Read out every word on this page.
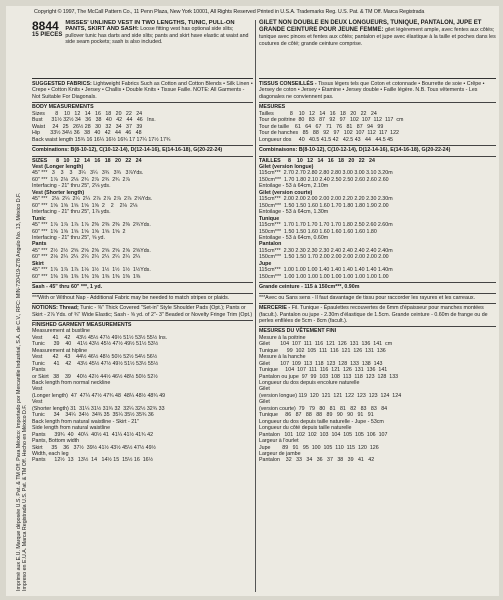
Copyright © 1997, The McCall Pattern Co., 11 Penn Plaza, New York 10001, All Rights Reserved Printed in U.S.A. Trademarks Reg. U.S. Pat. & TM Off. Marca Registrada
Imprimé aux E.U. Marque déposée U.S. Pat. & TM Off. Para México: Importado por Mercantile Industrial, S.A. de C.V., RFC: MIN-720419-Z78 Angulo No. 13, México D.F. Impreso en E.U.A. Marca Registrada U.S. Pat. & TM Off. Hecho en México D.F.
8844
15 PIECES
MISSES' UNLINED VEST IN TWO LENGTHS, TUNIC, PULL-ON PANTS, SKIRT AND SASH: Loose fitting vest has optional side slits; pullover tunic has darts and side slits; pants and skirt have elastic at waist and side seam pockets; sash is also included.

SUGGESTED FABRICS: Lightweight Fabrics Such as Cotton and Cotton Blends • Silk Linen • Crepe • Cotton Knits • Jersey • Challis • Double Knits • Tissue Faille. NOTE: All Garments - Not Suitable For Diagonals.

BODY MEASUREMENTS
Sizes       8    10   12   14   16   18   20   22   24
Bust      31½ 32½ 34   36   38   40   42   44   46   Ins.
Waist     24   25   26½ 28   30   32   34   37   39
Hip       33½ 34½ 36   38   40   42   44   46   48
Back waist length 15¾ 16 16¼ 16½ 16¾ 17 17¼ 17½ 17¾

Combinations: B(8-10-12), C(10-12-14), D(12-14-16), E(14-16-18), G(20-22-24)

SIZES      8   10   12   14   16   18   20   22   24
Vest (Longer length)
45" ***   3    3    3    3¼   3¼   3¾   3¾   3⅞Yds.
60" ***  1⅞  2⅛  2⅛  2¾  2⅞  2¾  2¾  2⅞
Interfacing - 21" thru 25", 2⅛ yds.
Vest (Shorter length)
45" ***   2⅛  2¼  2¼  2¼  2⅞  2⅞  2⅞  2⅞  2⅝Yds.
60" ***  1⅝  1⅝  1⅝  1⅝  1⅝  2    2    2⅛  2⅛
Interfacing - 21" thru 25", 1⅞ yds.
Tunic
45" ***  1⅞  1⅞  1⅞  1⅞  2⅜  2⅜  2⅜  2⅜  2¾Yds.
60" ***  1⅝  1⅝  1⅝  1⅝  1⅝  1⅝  1⅝  2
Interfacing - 21" thru 25", ⅝ yd.
Pants
45" ***  2½  2½  2⅝  2⅝  2⅝  2⅝  2⅝  2⅝  2⅝Yds.
60" ***  2⅛  2¼  2¼  2¼  2¼  2¼  2¼  2¼  2¼
Skirt
45" ***  1⅞  1⅞  1⅞  1⅛  1½  1½  1½  1½  1½Yds.
60" ***  1⅜  1⅜  1⅜  1⅜  1⅜  1⅜  1⅜  1⅜  1⅜

Sash - 45" thru 60" ***, 1 yd.

***With or Without Nap - Additional Fabric may be needed to match stripes or plaids.

NOTIONS: Thread; Tunic - ⅜" Thick Covered "Set-in" Style Shoulder Pads (Opt.); Pants or Skirt - 2⅞ Yds. of ¾" Wide Elastic; Sash - ⅝ yd. of 2"- 3" Beaded or Novelty Fringe Trim (Opt.)

FINISHED GARMENT MEASUREMENTS
Measurement at bustline
Vest       41    42    43½ 45½ 47½ 49½ 51½ 53½ 55½ Ins.
Tunic      39    40    41½ 43½ 45½ 47½ 49½ 51½ 53½
Measurement at hipline
Vest       42    43    44½ 46½ 48½ 50½ 52½ 54½ 56½
Tunic      41    42    43½ 45½ 47½ 49½ 51½ 53½ 55½
Pants
or Skirt   38    39    40½ 42½ 44½ 46½ 48½ 50½ 52½
Back length from normal neckline
Vest
(Longer length)  47  47¼ 47½ 47¾ 48  48¼ 48½ 48¾ 49
Vest
(Shorter length) 31  31¼ 31½ 31¾ 32  32¼ 32½ 32¾ 33
Tunic      34    34¼  34½  34¾ 35  35¼ 35½ 35¾ 36
Back length from natural waistline - Skirt - 21"
Side length from natural waistline
Pants      39¾  40   40¼  40½ 41  41¼ 41½ 41¾ 42
Pants, Bottom width
Skirt      35    36   37½  39½ 41½ 43½ 45½ 47½ 49½
Width, each leg
Pants      12½  13   13½  14   14½ 15  15½ 16  16½
GILET NON DOUBLE EN DEUX LONGUEURS, TUNIQUE, PANTALON, JUPE ET GRANDE CEINTURE POUR JEUNE FEMME: gilet légèrement ample, avec fentes aux côtés; tunique avec pinces et fentes aux côtés; pantalon et jupe avec élastique à la taille et poches dans les coutures de côté; grande ceinture comprise.

TISSUS CONSEILLÉS - Tissus légers tels que Coton et cotonnade • Bourrette de soie • Crêpe • Jersey de coton • Jersey • Étamine • Jersey double • Faille légère. N.B. Tous vêtements - Les diagonales ne conviennent pas.

MESURES
Tailles           8    10   12   14   16   18   20   22   24
Tour de poitrine  80   83   87   92   97   102  107  112  117  cm
Tour de taille    61   64   67   71   76   81   87   94   99
Tour de hanches   85   88   92   97   102  107  112  117  122
Longueur dos     40   40.5 41.5 42   42.5 43   44   44.5 45

Combinaisons: B(8-10-12), C(10-12-14), D(12-14-16), E(14-16-18), G(20-22-24)

TAILLES     8    10   12   14   16   18   20   22   24
Gilet (version longue)
115cm***  2.70 2.70 2.80 2.80 2.80 3.00 3.00 3.10 3.20m
150cm***  1.70 1.80 2.10 2.40 2.50 2.50 2.60 2.60 2.60
Entoilage - 53 à 64cm, 2.10m
Gilet (version courte)
115cm***  2.00 2.00 2.00 2.00 2.00 2.20 2.20 2.30 2.30m
150cm***  1.50 1.50 1.60 1.60 1.70 1.80 1.80 1.90 2.00
Entoilage - 53 à 64cm, 1.30m
Tunique
115cm***  1.70 1.70 1.70 1.70 1.70 1.80 2.50 2.60 2.60m
150cm***  1.50 1.50 1.60 1.60 1.60 1.60 1.60 1.80
Entoilage - 53 à 64cm, 0.60m
Pantalon
115cm***  2.30 2.30 2.30 2.30 2.40 2.40 2.40 2.40 2.40m
150cm***  1.50 1.50 1.70 2.00 2.00 2.00 2.00 2.00 2.00
Jupe
115cm***  1.00 1.00 1.00 1.40 1.40 1.40 1.40 1.40 1.40m
150cm***  1.00 1.00 1.00 1.00 1.00 1.00 1.00 1.00 1.00

Grande ceinture - 115 à 150cm***, 0.90m

***Avec ou Sans sens - Il faut davantage de tissu pour raccorder les rayures et les carreaux.

MERCERIE - Fil. Tunique - Épaulettes recouvertes de 6mm d'épaisseur pour manches montées (facult.). Pantalon ou jupe - 2.30m d'élastique de 1.5cm. Grande ceinture - 0.60m de frange ou de perles enfilées de 5cm - 8cm (facult.).

MESURES DU VÊTEMENT FINI
Mesure à la poitrine
Gilet       104  107  111  116  121  126  131  136  141  cm
Tunique      99  102  105  111  116  121  126  131  136
Mesure à la hanche
Gilet       107  109  113  118  123  128  133  138  143
Tunique     104  107  111  116  121  126  131  136  141
Pantalon ou jupe  97  99  103  108  113  118  123  128  133
Longueur du dos depuis encolure naturelle
Gilet
(version longue) 119  120  121  121  122  123  123  124  124
Gilet
(version courte)  79   79   80   81   81   82   83   83   84
Tunique     86   87   88   88   89   90   90   91   91
Longueur du dos depuis taille naturelle - Jupe - 53cm
Longueur du côté depuis taille naturelle
Pantalon   101  102  102  103  104  105  105  106  107
Largeur à l'ourlet
Jupe        89   91   95  100  105  110  115  120  126
Largeur de jambe
Pantalon    32   33   34   36   37   38   39   41   42
